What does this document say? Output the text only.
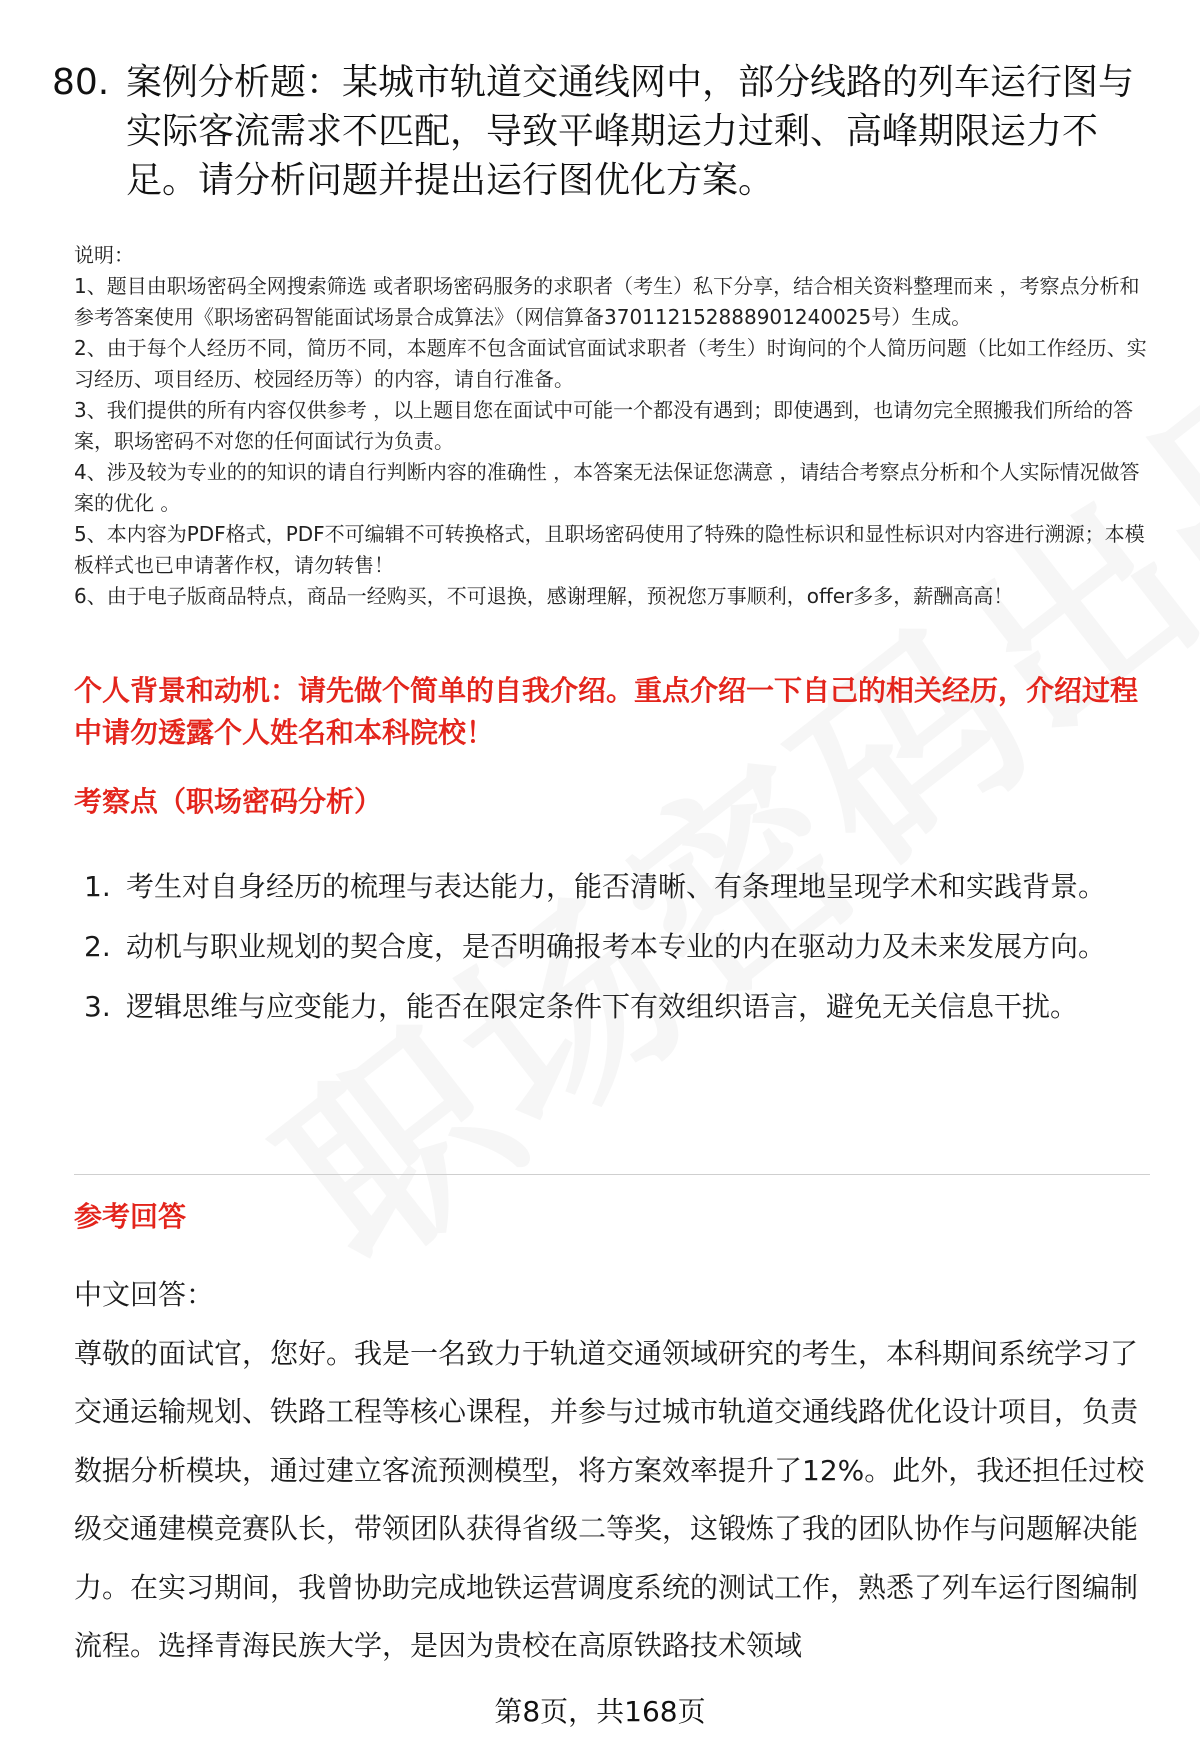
80. 案例分析题：某城市轨道交通线网中，部分线路的列车运行图与实际客流需求不匹配，导致平峰期运力过剩、高峰期限运力不足。请分析问题并提出运行图优化方案。
说明：
1、题目由职场密码全网搜索筛选 或者职场密码服务的求职者（考生）私下分享，结合相关资料整理而来 ，考察点分析和参考答案使用《职场密码智能面试场景合成算法》（网信算备370112152888901240025号）生成。
2、由于每个人经历不同，简历不同，本题库不包含面试官面试求职者（考生）时询问的个人简历问题（比如工作经历、实习经历、项目经历、校园经历等）的内容，请自行准备。
3、我们提供的所有内容仅供参考 ，以上题目您在面试中可能一个都没有遇到；即使遇到，也请勿完全照搬我们所给的答案，职场密码不对您的任何面试行为负责。
4、涉及较为专业的的知识的请自行判断内容的准确性 ，本答案无法保证您满意 ，请结合考察点分析和个人实际情况做答案的优化 。
5、本内容为PDF格式，PDF不可编辑不可转换格式，且职场密码使用了特殊的隐性标识和显性标识对内容进行溯源；本模板样式也已申请著作权，请勿转售！
6、由于电子版商品特点，商品一经购买，不可退换，感谢理解，预祝您万事顺利，offer多多，薪酬高高！
个人背景和动机：请先做个简单的自我介绍。重点介绍一下自己的相关经历，介绍过程中请勿透露个人姓名和本科院校！
考察点（职场密码分析）
1. 考生对自身经历的梳理与表达能力，能否清晰、有条理地呈现学术和实践背景。
2. 动机与职业规划的契合度，是否明确报考本专业的内在驱动力及未来发展方向。
3. 逻辑思维与应变能力，能否在限定条件下有效组织语言，避免无关信息干扰。
参考回答
中文回答：
尊敬的面试官，您好。我是一名致力于轨道交通领域研究的考生，本科期间系统学习了交通运输规划、铁路工程等核心课程，并参与过城市轨道交通线路优化设计项目，负责数据分析模块，通过建立客流预测模型，将方案效率提升了12%。此外，我还担任过校级交通建模竞赛队长，带领团队获得省级二等奖，这锻炼了我的团队协作与问题解决能力。在实习期间，我曾协助完成地铁运营调度系统的测试工作，熟悉了列车运行图编制流程。选择青海民族大学，是因为贵校在高原铁路技术领域
第8页，共168页
